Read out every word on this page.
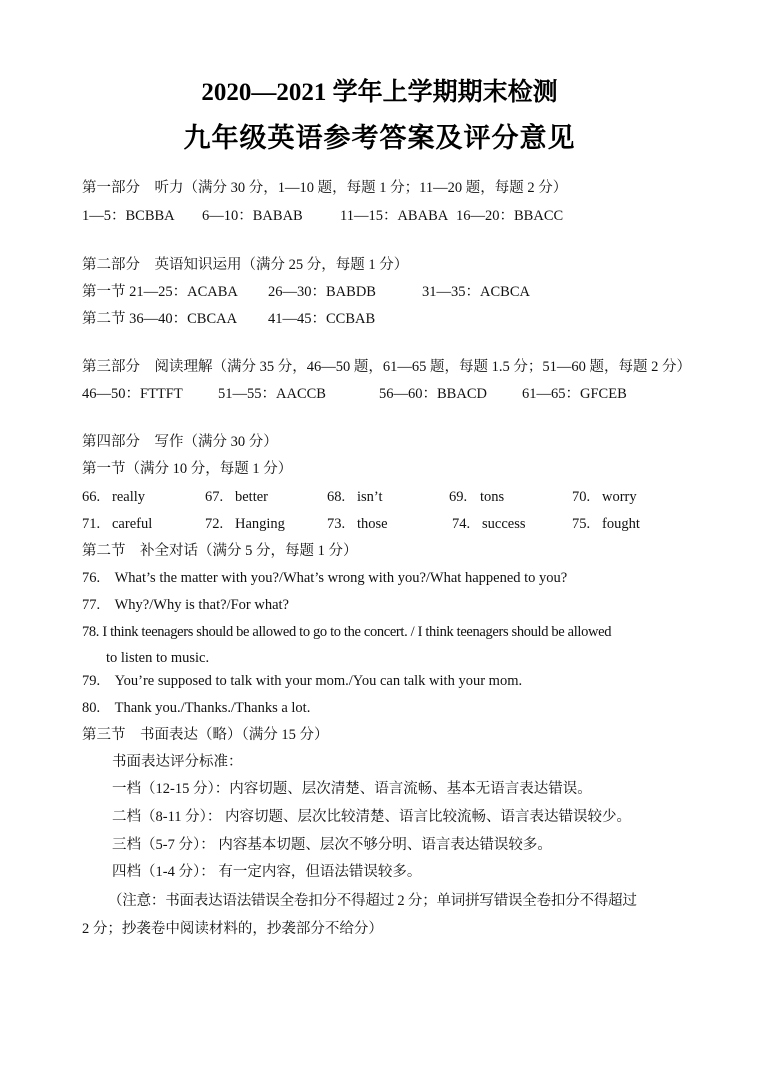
2020—2021 学年上学期期末检测
九年级英语参考答案及评分意见
第一部分　听力（满分 30 分，1—10 题，每题 1 分；11—20 题，每题 2 分）
1—5：BCBBA 6—10：BABAB	11—15：ABABA 16—20：BBACC
第二部分　英语知识运用（满分 25 分，每题 1 分）
第一节 21—25：ACABA 26—30：BABDB	31—35：ACBCA
第二节 36—40：CBCAA 41—45：CCBAB
第三部分　阅读理解（满分 35 分，46—50 题，61—65 题，每题 1.5 分；51—60 题，每题 2 分）
46—50：FTTFT 51—55：AACCB	56—60：BBACD 61—65：GFCEB
第四部分　写作（满分 30 分）
第一节（满分 10 分，每题 1 分）
66. really	67. better	68. isn’t	69. tons	70. worry
71. careful	72. Hanging	73. those	74. success	75. fought
第二节　补全对话（满分 5 分，每题 1 分）
76.　What’s the matter with you?/What’s wrong with you?/What happened to you?
77.　Why?/Why is that?/For what?
78. I think teenagers should be allowed to go to the concert. / I think teenagers should be allowed
to listen to music.
79.　You’re supposed to talk with your mom./You can talk with your mom.
80.　Thank you./Thanks./Thanks a lot.
第三节　书面表达（略）（满分 15 分）
书面表达评分标准：
一档（12-15 分）：内容切题、层次清楚、语言流畅、基本无语言表达错误。
二档（8-11 分）： 内容切题、层次比较清楚、语言比较流畅、语言表达错误较少。
三档（5-7 分）： 内容基本切题、层次不够分明、语言表达错误较多。
四档（1-4 分）： 有一定内容，但语法错误较多。
（注意：书面表达语法错误全卷扣分不得超过 2 分；单词拼写错误全卷扣分不得超过
2 分；抄袭卷中阅读材料的，抄袭部分不给分）
